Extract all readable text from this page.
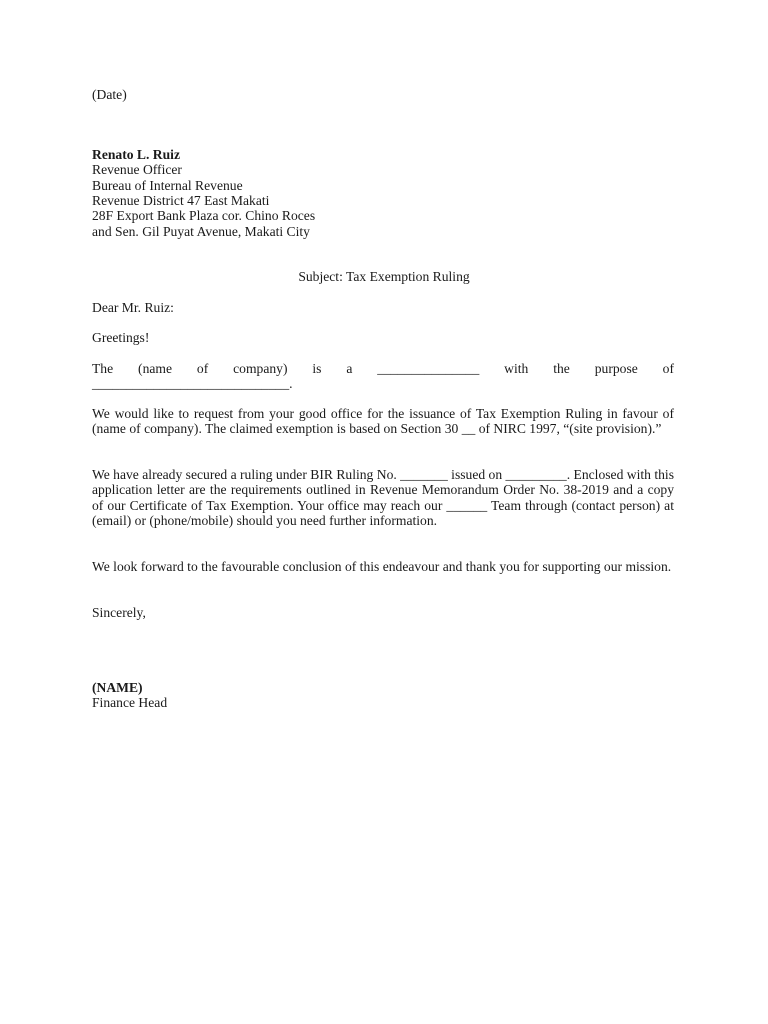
(Date)
Renato L. Ruiz
Revenue Officer
Bureau of Internal Revenue
Revenue District 47 East Makati
28F Export Bank Plaza cor. Chino Roces
and Sen. Gil Puyat Avenue, Makati City
Subject: Tax Exemption Ruling
Dear Mr. Ruiz:
Greetings!
The (name of company) is a _______________ with the purpose of
_____________________________.
We would like to request from your good office for the issuance of Tax Exemption Ruling in favour of (name of company). The claimed exemption is based on Section 30 __ of NIRC 1997, “(site provision).”
We have already secured a ruling under BIR Ruling No. _______ issued on _________. Enclosed with this application letter are the requirements outlined in Revenue Memorandum Order No. 38-2019 and a copy of our Certificate of Tax Exemption. Your office may reach our ______ Team through (contact person) at (email) or (phone/mobile) should you need further information.
We look forward to the favourable conclusion of this endeavour and thank you for supporting our mission.
Sincerely,
(NAME)
Finance Head
